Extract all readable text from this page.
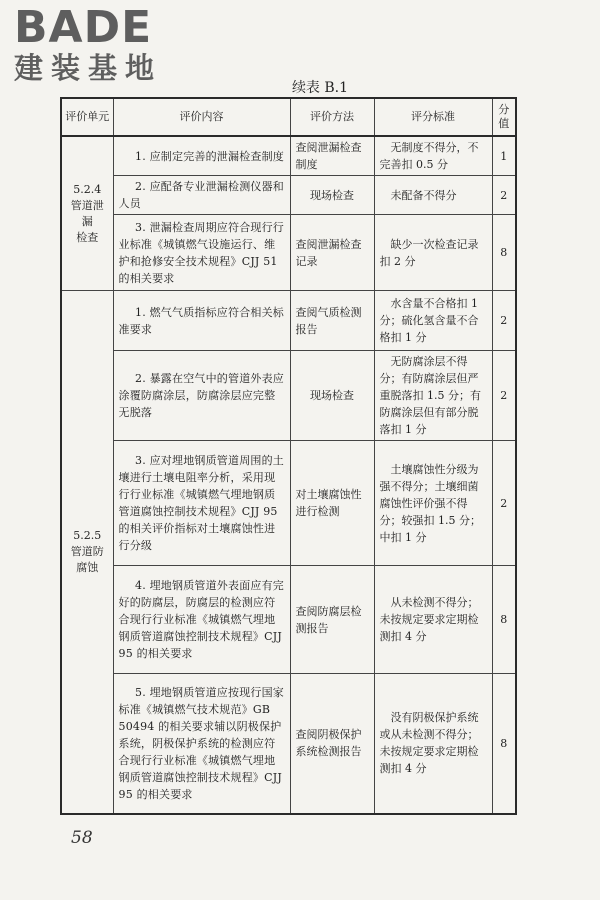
BADE
建装基地
续表 B.1
评价单元	评价内容	评价方法	评分标准	分值

5.2.4
管道泄漏
检查	1. 应制定完善的泄漏检查制度	查阅泄漏检查制度	无制度不得分，不完善扣 0.5 分	1
	2. 应配备专业泄漏检测仪器和人员	现场检查	未配备不得分	2
	3. 泄漏检查周期应符合现行行业标准《城镇燃气设施运行、维护和抢修安全技术规程》CJJ 51 的相关要求	查阅泄漏检查记录	缺少一次检查记录扣 2 分	8

5.2.5
管道防
腐蚀	1. 燃气气质指标应符合相关标准要求	查阅气质检测报告	水含量不合格扣 1 分；硫化氢含量不合格扣 1 分	2
	2. 暴露在空气中的管道外表应涂覆防腐涂层，防腐涂层应完整无脱落	现场检查	无防腐涂层不得分；有防腐涂层但严重脱落扣 1.5 分；有防腐涂层但有部分脱落扣 1 分	2
	3. 应对埋地钢质管道周围的土壤进行土壤电阻率分析，采用现行行业标准《城镇燃气埋地钢质管道腐蚀控制技术规程》CJJ 95 的相关评价指标对土壤腐蚀性进行分级	对土壤腐蚀性进行检测	土壤腐蚀性分级为强不得分；土壤细菌腐蚀性评价强不得分；较强扣 1.5 分；中扣 1 分	2
	4. 埋地钢质管道外表面应有完好的防腐层，防腐层的检测应符合现行行业标准《城镇燃气埋地钢质管道腐蚀控制技术规程》CJJ 95 的相关要求	查阅防腐层检测报告	从未检测不得分；未按规定要求定期检测扣 4 分	8
	5. 埋地钢质管道应按现行国家标准《城镇燃气技术规范》GB 50494 的相关要求辅以阴极保护系统，阴极保护系统的检测应符合现行行业标准《城镇燃气埋地钢质管道腐蚀控制技术规程》CJJ 95 的相关要求	查阅阴极保护系统检测报告	没有阴极保护系统或从未检测不得分；未按规定要求定期检测扣 4 分	8
58
